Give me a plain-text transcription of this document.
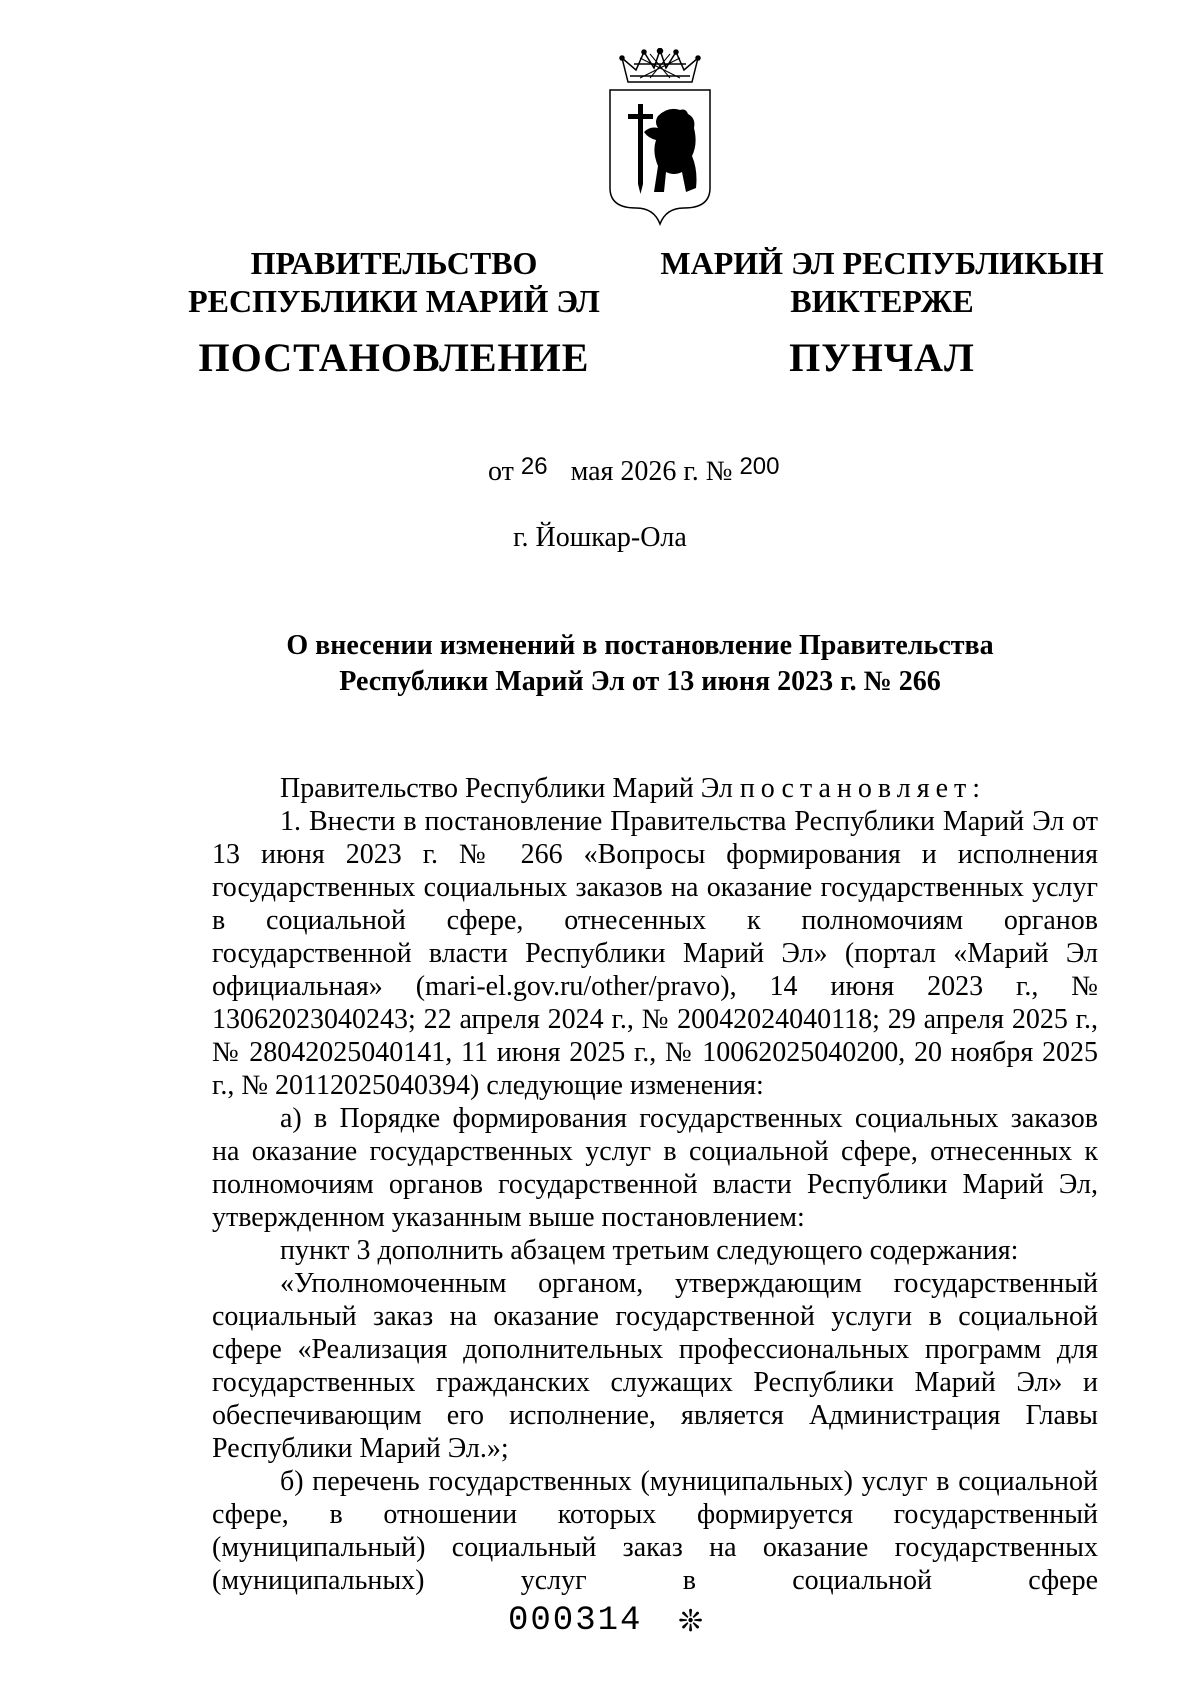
ПРАВИТЕЛЬСТВО
РЕСПУБЛИКИ МАРИЙ ЭЛ
ПОСТАНОВЛЕНИЕ
МАРИЙ ЭЛ РЕСПУБЛИКЫН
ВИКТЕРЖЕ
ПУНЧАЛ
от 26 мая 2026 г. № 200
г. Йошкар-Ола
О внесении изменений в постановление Правительства
Республики Марий Эл от 13 июня 2023 г. № 266

Правительство Республики Марий Эл постановляет:

1. Внести в постановление Правительства Республики Марий Эл от 13 июня 2023 г. № 266 «Вопросы формирования и исполнения государственных социальных заказов на оказание государственных услуг в социальной сфере, отнесенных к полномочиям органов государственной власти Республики Марий Эл» (портал «Марий Эл официальная» (mari-el.gov.ru/other/pravo), 14 июня 2023 г., № 13062023040243; 22 апреля 2024 г., № 20042024040118; 29 апреля 2025 г., № 28042025040141, 11 июня 2025 г., № 10062025040200, 20 ноября 2025 г., № 20112025040394) следующие изменения:

а) в Порядке формирования государственных социальных заказов на оказание государственных услуг в социальной сфере, отнесенных к полномочиям органов государственной власти Республики Марий Эл, утвержденном указанным выше постановлением:

пункт 3 дополнить абзацем третьим следующего содержания:

«Уполномоченным органом, утверждающим государственный социальный заказ на оказание государственной услуги в социальной сфере «Реализация дополнительных профессиональных программ для государственных гражданских служащих Республики Марий Эл» и обеспечивающим его исполнение, является Администрация Главы Республики Марий Эл.»;

б) перечень государственных (муниципальных) услуг в социальной сфере, в отношении которых формируется государственный (муниципальный) социальный заказ на оказание государственных (муниципальных) услуг в социальной сфере

000314 ❊
